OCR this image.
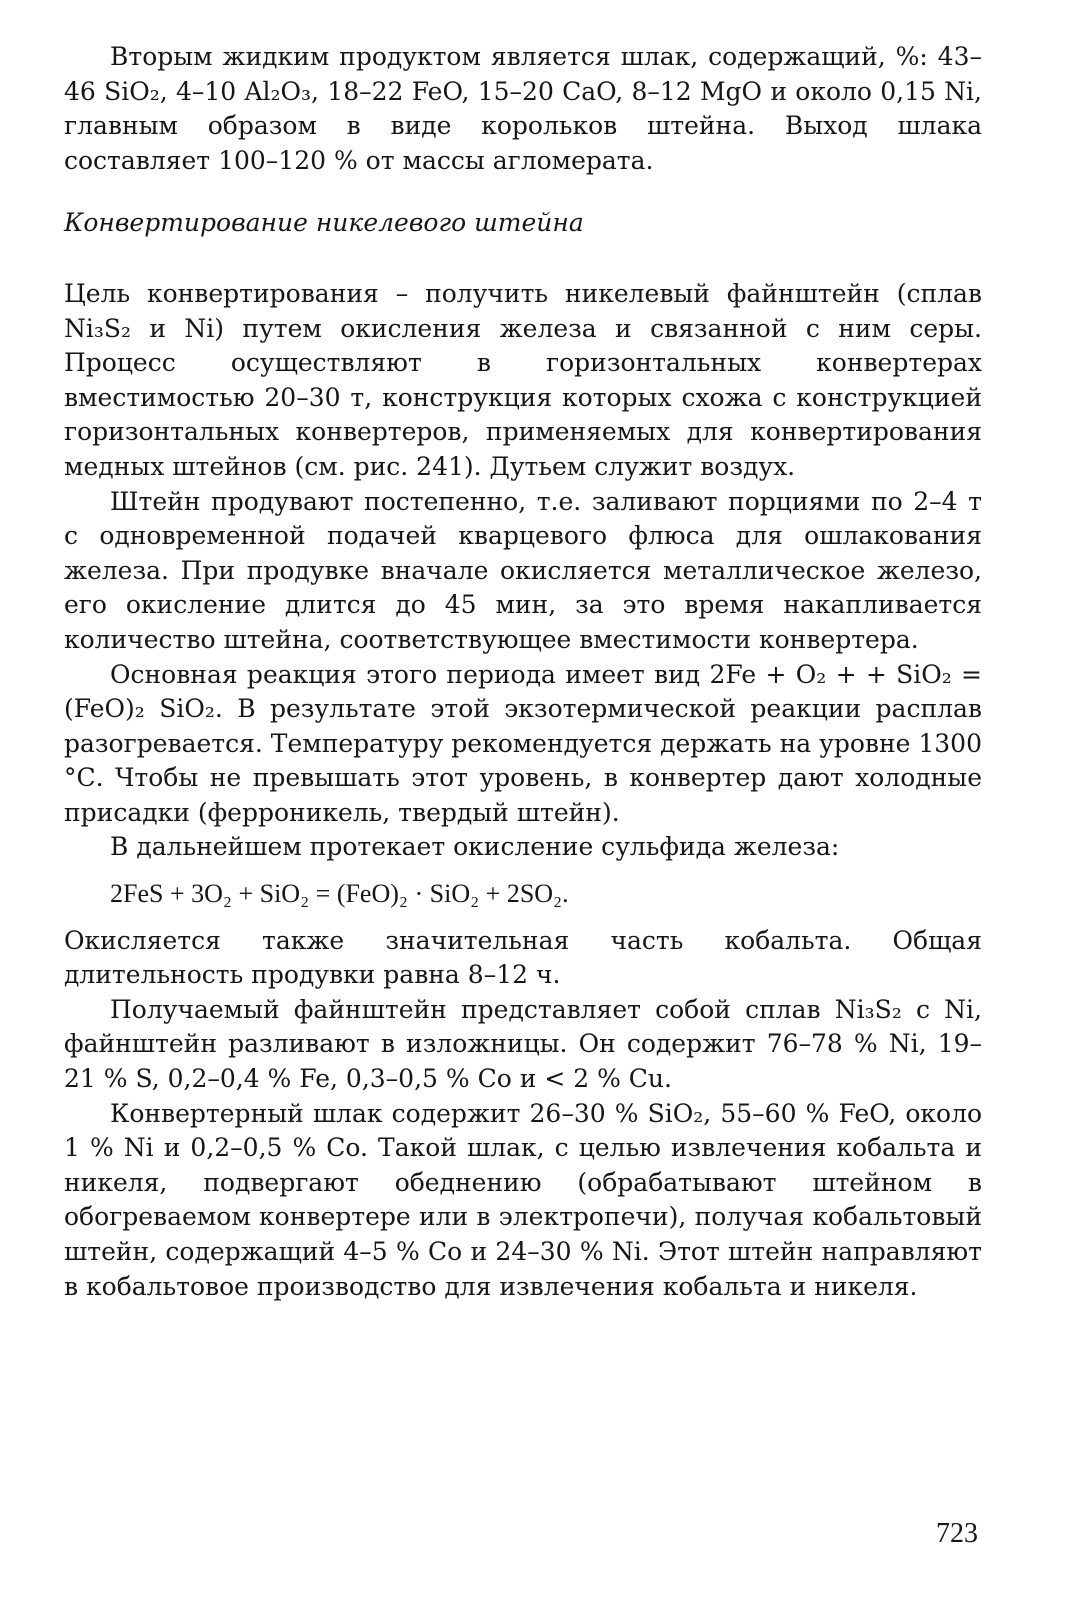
Вторым жидким продуктом является шлак, содержащий, %: 43–46 SiO₂, 4–10 Al₂O₃, 18–22 FeO, 15–20 CaO, 8–12 MgO и около 0,15 Ni, главным образом в виде корольков штейна. Выход шлака составляет 100–120 % от массы агломерата.

Конвертирование никелевого штейна

Цель конвертирования – получить никелевый файнштейн (сплав Ni₃S₂ и Ni) путем окисления железа и связанной с ним серы. Процесс осуществляют в горизонтальных конвертерах вместимостью 20–30 т, конструкция которых схожа с конструкцией горизонтальных конвертеров, применяемых для конвертирования медных штейнов (см. рис. 241). Дутьем служит воздух.

Штейн продувают постепенно, т.е. заливают порциями по 2–4 т с одновременной подачей кварцевого флюса для ошлакования железа. При продувке вначале окисляется металлическое железо, его окисление длится до 45 мин, за это время накапливается количество штейна, соответствующее вместимости конвертера.

Основная реакция этого периода имеет вид 2Fe + O₂ + + SiO₂ = (FeO)₂ SiO₂. В результате этой экзотермической реакции расплав разогревается. Температуру рекомендуется держать на уровне 1300 °С. Чтобы не превышать этот уровень, в конвертер дают холодные присадки (ферроникель, твердый штейн).

В дальнейшем протекает окисление сульфида железа:

2FeS + 3O₂ + SiO₂ = (FeO)₂ · SiO₂ + 2SO₂.

Окисляется также значительная часть кобальта. Общая длительность продувки равна 8–12 ч.

Получаемый файнштейн представляет собой сплав Ni₃S₂ с Ni, файнштейн разливают в изложницы. Он содержит 76–78 % Ni, 19–21 % S, 0,2–0,4 % Fe, 0,3–0,5 % Co и < 2 % Cu.

Конвертерный шлак содержит 26–30 % SiO₂, 55–60 % FeO, около 1 % Ni и 0,2–0,5 % Co. Такой шлак, с целью извлечения кобальта и никеля, подвергают обеднению (обрабатывают штейном в обогреваемом конвертере или в электропечи), получая кобальтовый штейн, содержащий 4–5 % Co и 24–30 % Ni. Этот штейн направляют в кобальтовое производство для извлечения кобальта и никеля.

723
